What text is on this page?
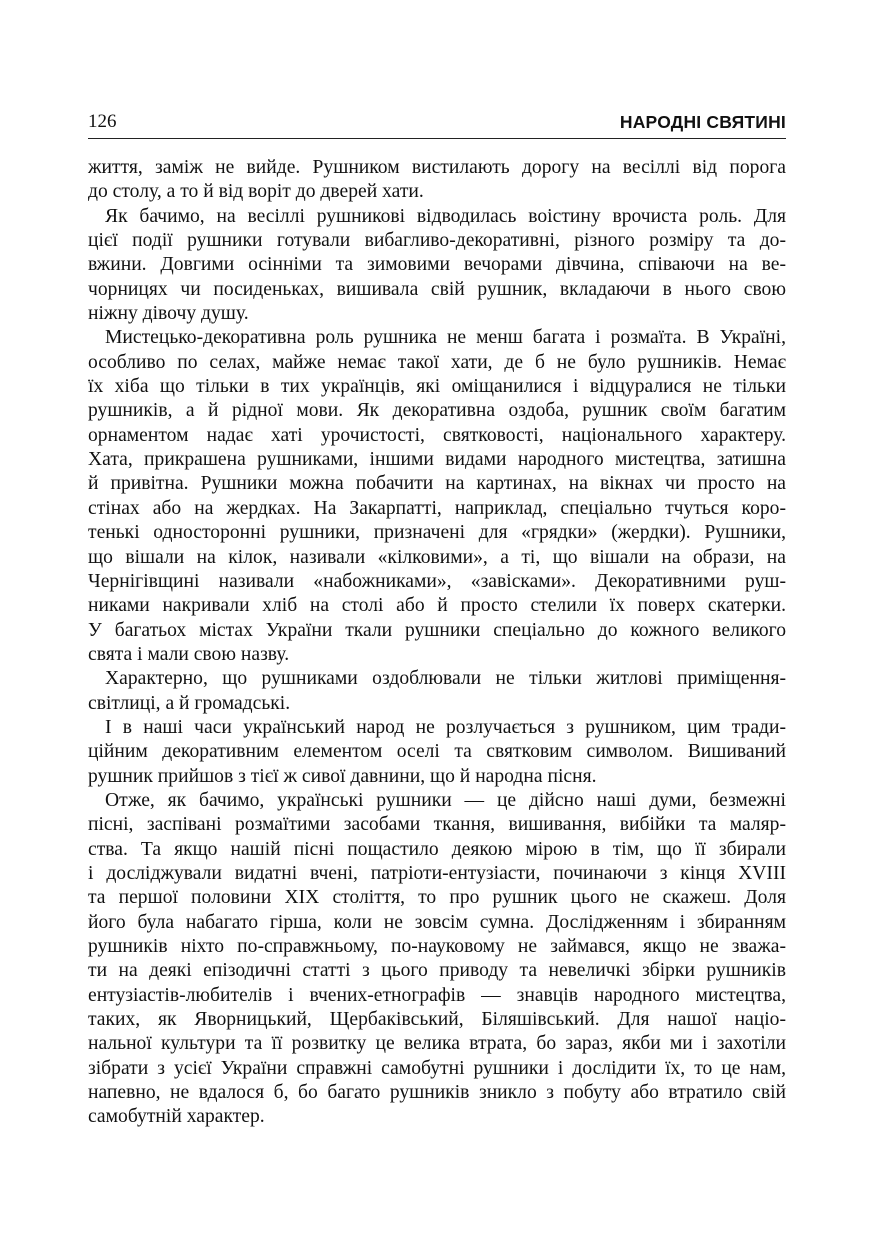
126	НАРОДНІ СВЯТИНІ
життя, заміж не вийде. Рушником вистилають дорогу на весіллі від порога
до столу, а то й від воріт до дверей хати.
Як бачимо, на весіллі рушникові відводилась воістину врочиста роль. Для
цієї події рушники готували вибагливо-декоративні, різного розміру та до-
вжини. Довгими осінніми та зимовими вечорами дівчина, співаючи на ве-
чорницях чи посиденьках, вишивала свій рушник, вкладаючи в нього свою
ніжну дівочу душу.
Мистецько-декоративна роль рушника не менш багата і розмаїта. В Україні,
особливо по селах, майже немає такої хати, де б не було рушників. Немає
їх хіба що тільки в тих українців, які оміщанилися і відцуралися не тільки
рушників, а й рідної мови. Як декоративна оздоба, рушник своїм багатим
орнаментом надає хаті урочистості, святковості, національного характеру.
Хата, прикрашена рушниками, іншими видами народного мистецтва, затишна
й привітна. Рушники можна побачити на картинах, на вікнах чи просто на
стінах або на жердках. На Закарпатті, наприклад, спеціально тчуться коро-
тенькі односторонні рушники, призначені для «грядки» (жердки). Рушники,
що вішали на кілок, називали «кілковими», а ті, що вішали на образи, на
Чернігівщині називали «набожниками», «завісками». Декоративними руш-
никами накривали хліб на столі або й просто стелили їх поверх скатерки.
У багатьох містах України ткали рушники спеціально до кожного великого
свята і мали свою назву.
Характерно, що рушниками оздоблювали не тільки житлові приміщення-
світлиці, а й громадські.
І в наші часи український народ не розлучається з рушником, цим тради-
ційним декоративним елементом оселі та святковим символом. Вишиваний
рушник прийшов з тієї ж сивої давнини, що й народна пісня.
Отже, як бачимо, українські рушники — це дійсно наші думи, безмежні
пісні, заспівані розмаїтими засобами ткання, вишивання, вибійки та маляр-
ства. Та якщо нашій пісні пощастило деякою мірою в тім, що її збирали
і досліджували видатні вчені, патріоти-ентузіасти, починаючи з кінця XVIII
та першої половини XIX століття, то про рушник цього не скажеш. Доля
його була набагато гірша, коли не зовсім сумна. Дослідженням і збиранням
рушників ніхто по-справжньому, по-науковому не займався, якщо не зважа-
ти на деякі епізодичні статті з цього приводу та невеличкі збірки рушників
ентузіастів-любителів і вчених-етнографів — знавців народного мистецтва,
таких, як Яворницький, Щербаківський, Біляшівський. Для нашої націо-
нальної культури та її розвитку це велика втрата, бо зараз, якби ми і захотіли
зібрати з усієї України справжні самобутні рушники і дослідити їх, то це нам,
напевно, не вдалося б, бо багато рушників зникло з побуту або втратило свій
самобутній характер.
